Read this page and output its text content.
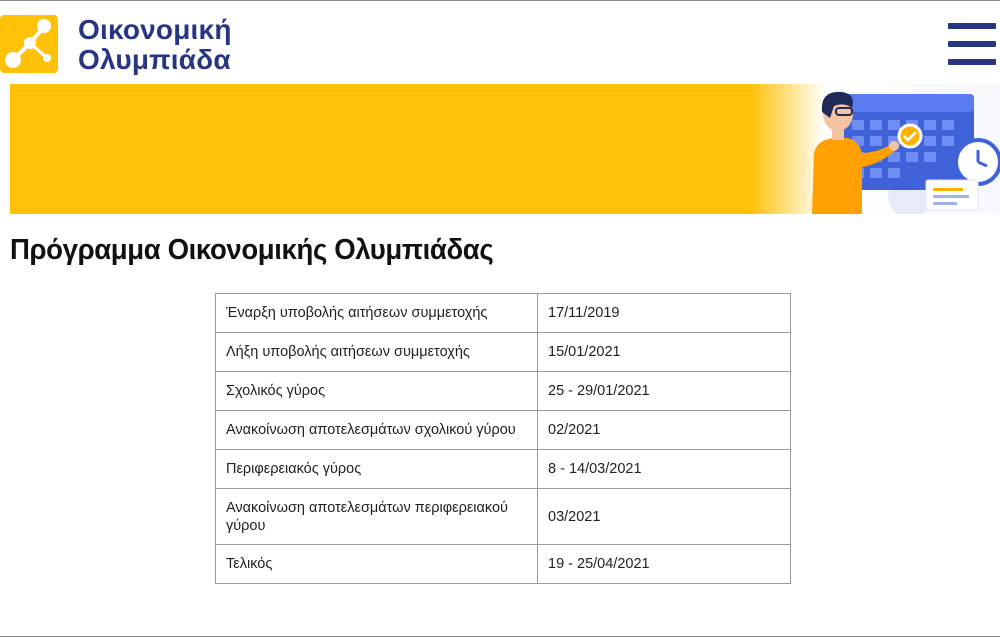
Οικονομική
Ολυμπιάδα
Πρόγραμμα Οικονομικής Ολυμπιάδας
Έναρξη υποβολής αιτήσεων συμμετοχής	17/11/2019
Λήξη υποβολής αιτήσεων συμμετοχής	15/01/2021
Σχολικός γύρος	25 - 29/01/2021
Ανακοίνωση αποτελεσμάτων σχολικού γύρου	02/2021
Περιφερειακός γύρος	8 - 14/03/2021
Ανακοίνωση αποτελεσμάτων περιφερειακού γύρου	03/2021
Τελικός	19 - 25/04/2021
